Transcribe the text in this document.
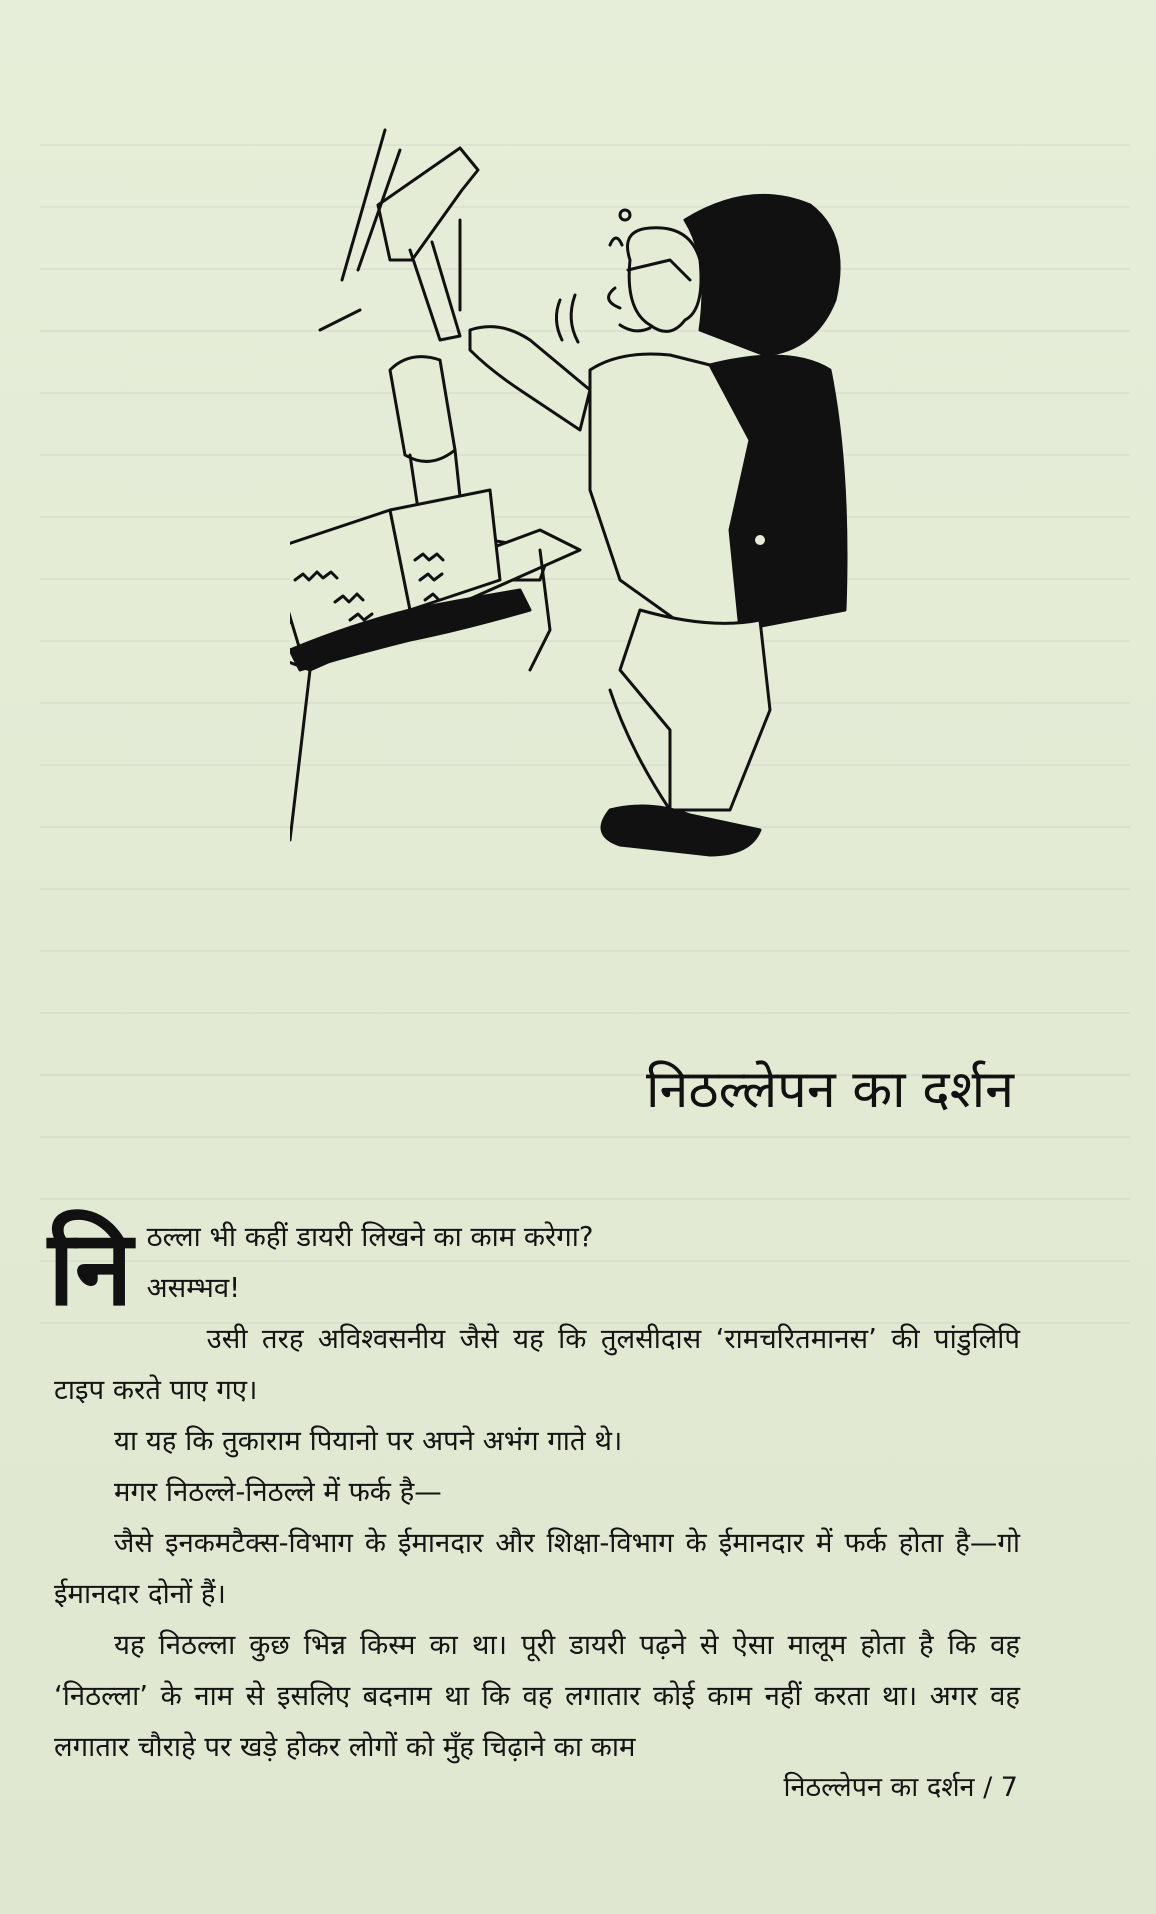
निठल्लेपन का दर्शन
नि ठल्ला भी कहीं डायरी लिखने का काम करेगा?
असम्भव!

उसी तरह अविश्वसनीय जैसे यह कि तुलसीदास ‘रामचरितमानस’ की पांडुलिपि टाइप करते पाए गए।

या यह कि तुकाराम पियानो पर अपने अभंग गाते थे।

मगर निठल्ले-निठल्ले में फर्क है—

जैसे इनकमटैक्स-विभाग के ईमानदार और शिक्षा-विभाग के ईमानदार में फर्क होता है—गो ईमानदार दोनों हैं।

यह निठल्ला कुछ भिन्न किस्म का था। पूरी डायरी पढ़ने से ऐसा मालूम होता है कि वह ‘निठल्ला’ के नाम से इसलिए बदनाम था कि वह लगातार कोई काम नहीं करता था। अगर वह लगातार चौराहे पर खड़े होकर लोगों को मुँह चिढ़ाने का काम

निठल्लेपन का दर्शन / 7
